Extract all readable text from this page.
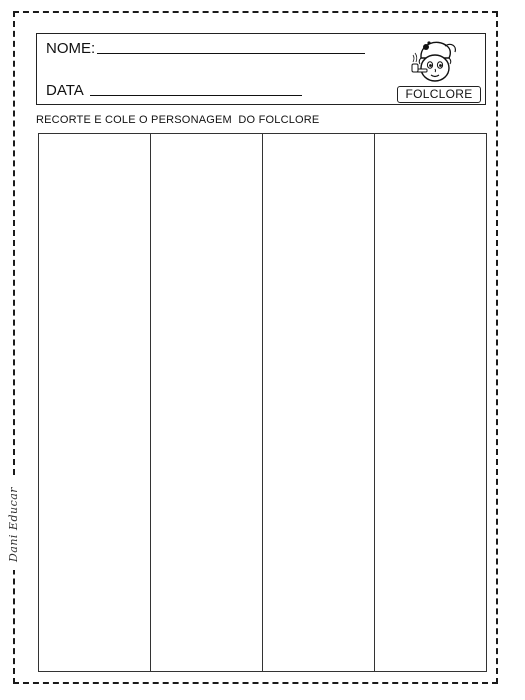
Dani Educar
NOME:
DATA	FOLCLORE
RECORTE E COLE O PERSONAGEM  DO FOLCLORE
